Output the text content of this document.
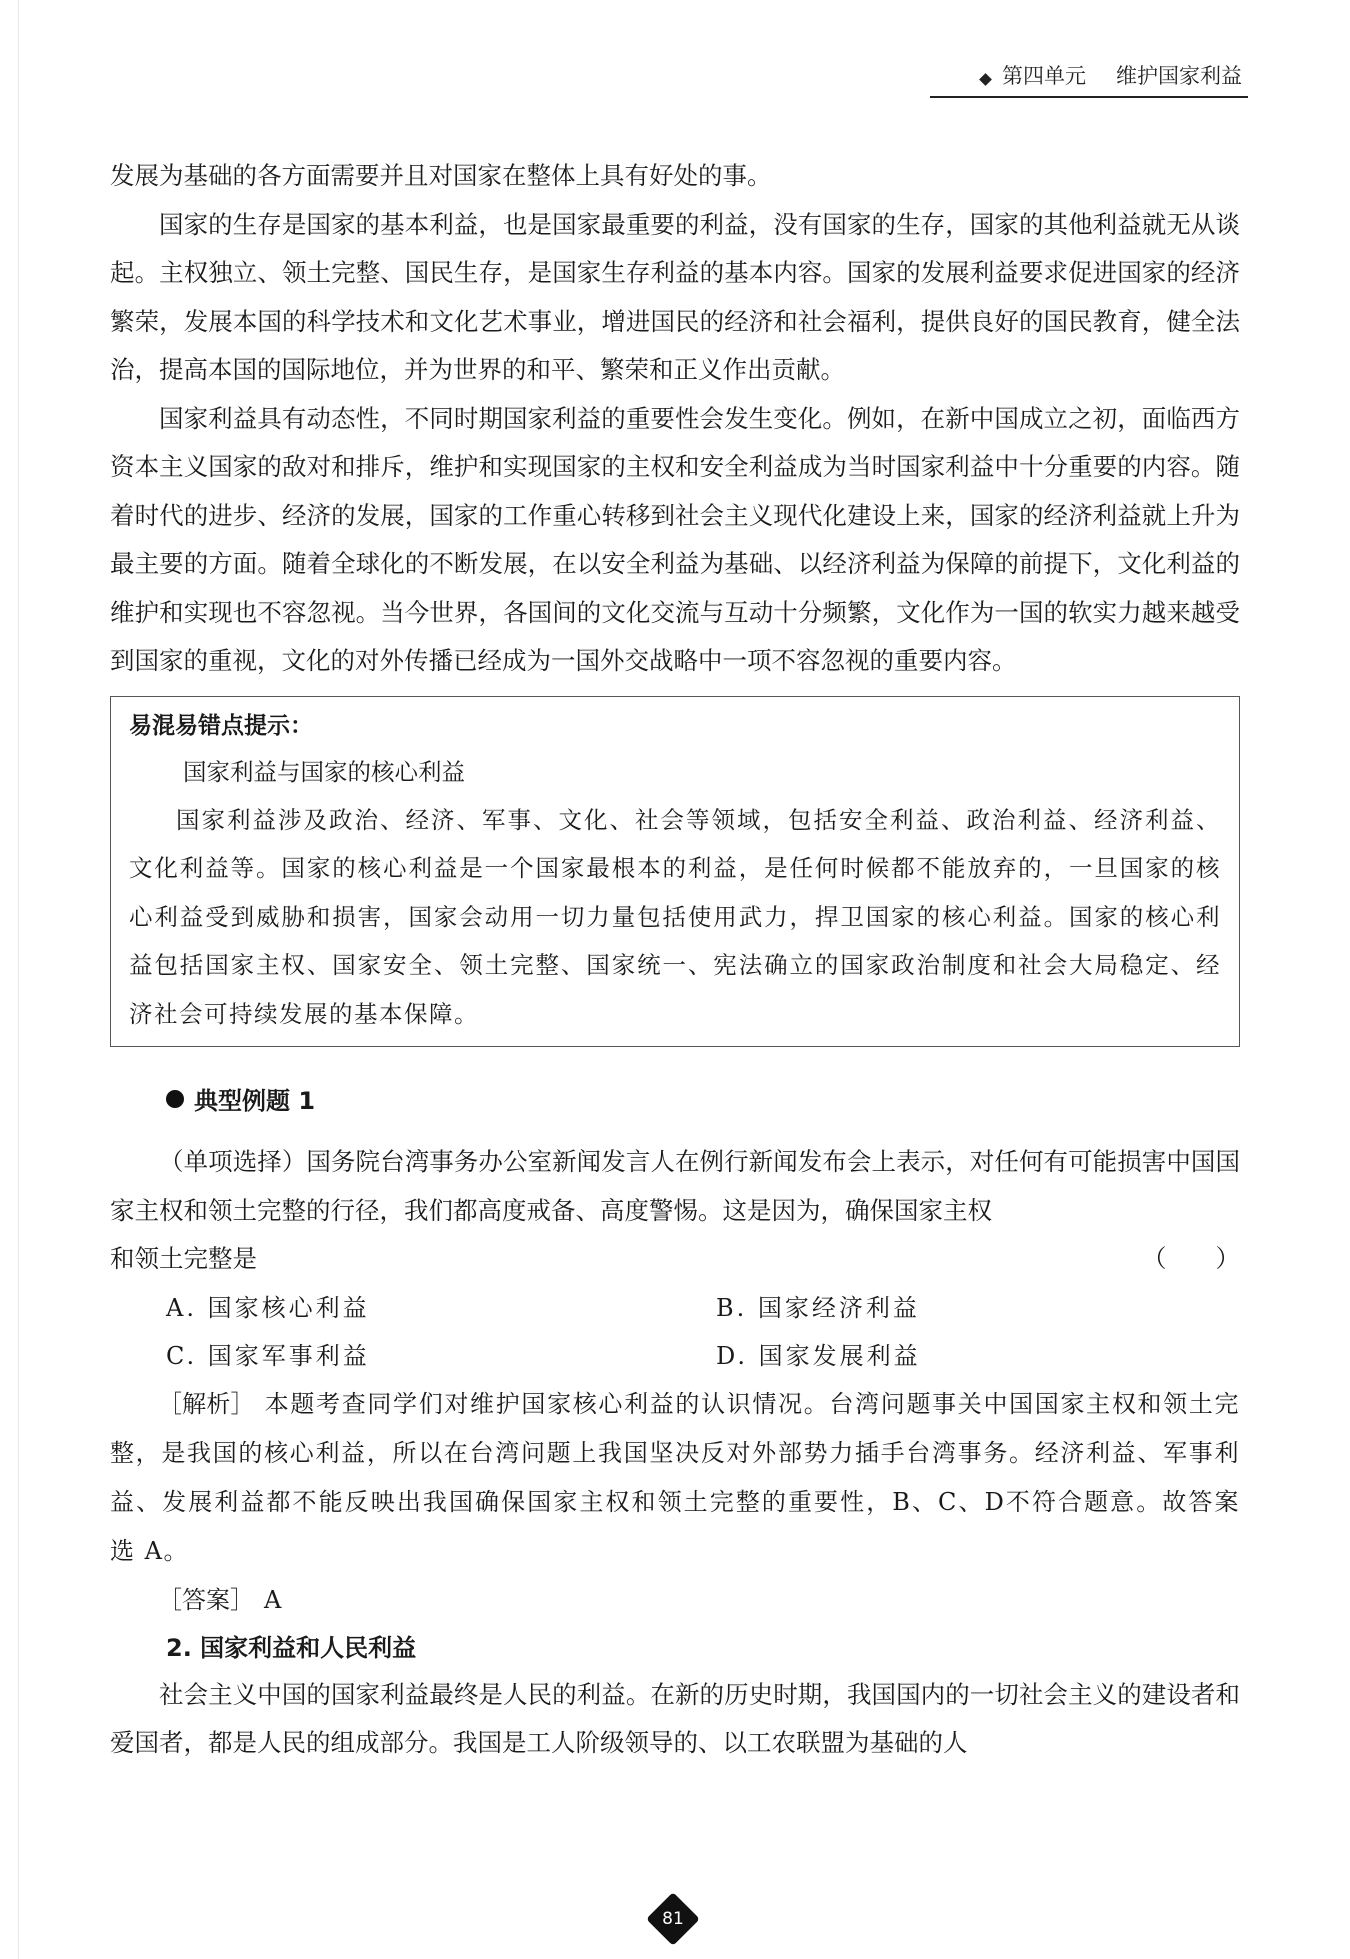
第四单元 维护国家利益

发展为基础的各方面需要并且对国家在整体上具有好处的事。

国家的生存是国家的基本利益，也是国家最重要的利益，没有国家的生存，国家的其他利益就无从谈起。主权独立、领土完整、国民生存，是国家生存利益的基本内容。国家的发展利益要求促进国家的经济繁荣，发展本国的科学技术和文化艺术事业，增进国民的经济和社会福利，提供良好的国民教育，健全法治，提高本国的国际地位，并为世界的和平、繁荣和正义作出贡献。

国家利益具有动态性，不同时期国家利益的重要性会发生变化。例如，在新中国成立之初，面临西方资本主义国家的敌对和排斥，维护和实现国家的主权和安全利益成为当时国家利益中十分重要的内容。随着时代的进步、经济的发展，国家的工作重心转移到社会主义现代化建设上来，国家的经济利益就上升为最主要的方面。随着全球化的不断发展，在以安全利益为基础、以经济利益为保障的前提下，文化利益的维护和实现也不容忽视。当今世界，各国间的文化交流与互动十分频繁，文化作为一国的软实力越来越受到国家的重视，文化的对外传播已经成为一国外交战略中一项不容忽视的重要内容。

易混易错点提示：
国家利益与国家的核心利益
国家利益涉及政治、经济、军事、文化、社会等领域，包括安全利益、政治利益、经济利益、文化利益等。国家的核心利益是一个国家最根本的利益，是任何时候都不能放弃的，一旦国家的核心利益受到威胁和损害，国家会动用一切力量包括使用武力，捍卫国家的核心利益。国家的核心利益包括国家主权、国家安全、领土完整、国家统一、宪法确立的国家政治制度和社会大局稳定、经济社会可持续发展的基本保障。
典型例题 1

（单项选择）国务院台湾事务办公室新闻发言人在例行新闻发布会上表示，对任何有可能损害中国国家主权和领土完整的行径，我们都高度戒备、高度警惕。这是因为，确保国家主权

和领土完整是	（　　）

A. 国家核心利益	B. 国家经济利益
C. 国家军事利益	D. 国家发展利益
［解析］ 本题考查同学们对维护国家核心利益的认识情况。台湾问题事关中国国家主权和领土完整，是我国的核心利益，所以在台湾问题上我国坚决反对外部势力插手台湾事务。经济利益、军事利益、发展利益都不能反映出我国确保国家主权和领土完整的重要性，B、C、D不符合题意。故答案选 A。
［答案］ A
2. 国家利益和人民利益

社会主义中国的国家利益最终是人民的利益。在新的历史时期，我国国内的一切社会主义的建设者和爱国者，都是人民的组成部分。我国是工人阶级领导的、以工农联盟为基础的人

81
